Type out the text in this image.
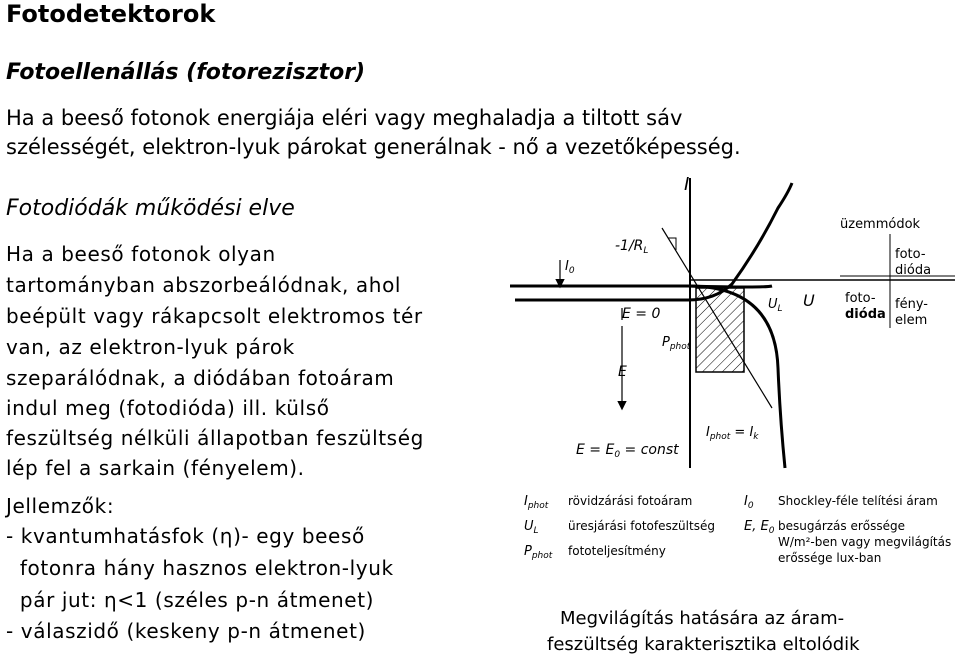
Fotodetektorok
Fotoellenállás (fotorezisztor)
Ha a beeső fotonok energiája eléri vagy meghaladja a tiltott sáv
szélességét, elektron-lyuk párokat generálnak - nő a vezetőképesség.
Fotodiódák működési elve
Ha a beeső fotonok olyan
tartományban abszorbeálódnak, ahol
beépült vagy rákapcsolt elektromos tér
van, az elektron-lyuk párok
szeparálódnak, a diódában fotoáram
indul meg (fotodióda) ill. külső
feszültség nélküli állapotban feszültség
lép fel a sarkain (fényelem).
Jellemzők:
- kvantumhatásfok (η)- egy beeső
fotonra hány hasznos elektron-lyuk
pár jut: η<1 (széles p-n átmenet)
- válaszidő (keskeny p-n átmenet)
I
U
$I_0$
$-1/R_L$
$P_{phot}$
E
E = 0
$E = E_0$ = const
$U_L$
$I_{phot} = I_k$
üzemmódok
foto-
dióda
fény-
elem
foto-
dióda
$I_{phot}$ rövidzárási fotoáram
$U_L$ üresjárási fotofeszültség
$P_{phot}$ fototeljesítmény
$I_0$ Shockley-féle telítési áram
E, $E_0$ besugárzás erőssége
W/m²-ben vagy megvilágítás
erőssége lux-ban
Megvilágítás hatására az áram-
feszültség karakterisztika eltolódik
